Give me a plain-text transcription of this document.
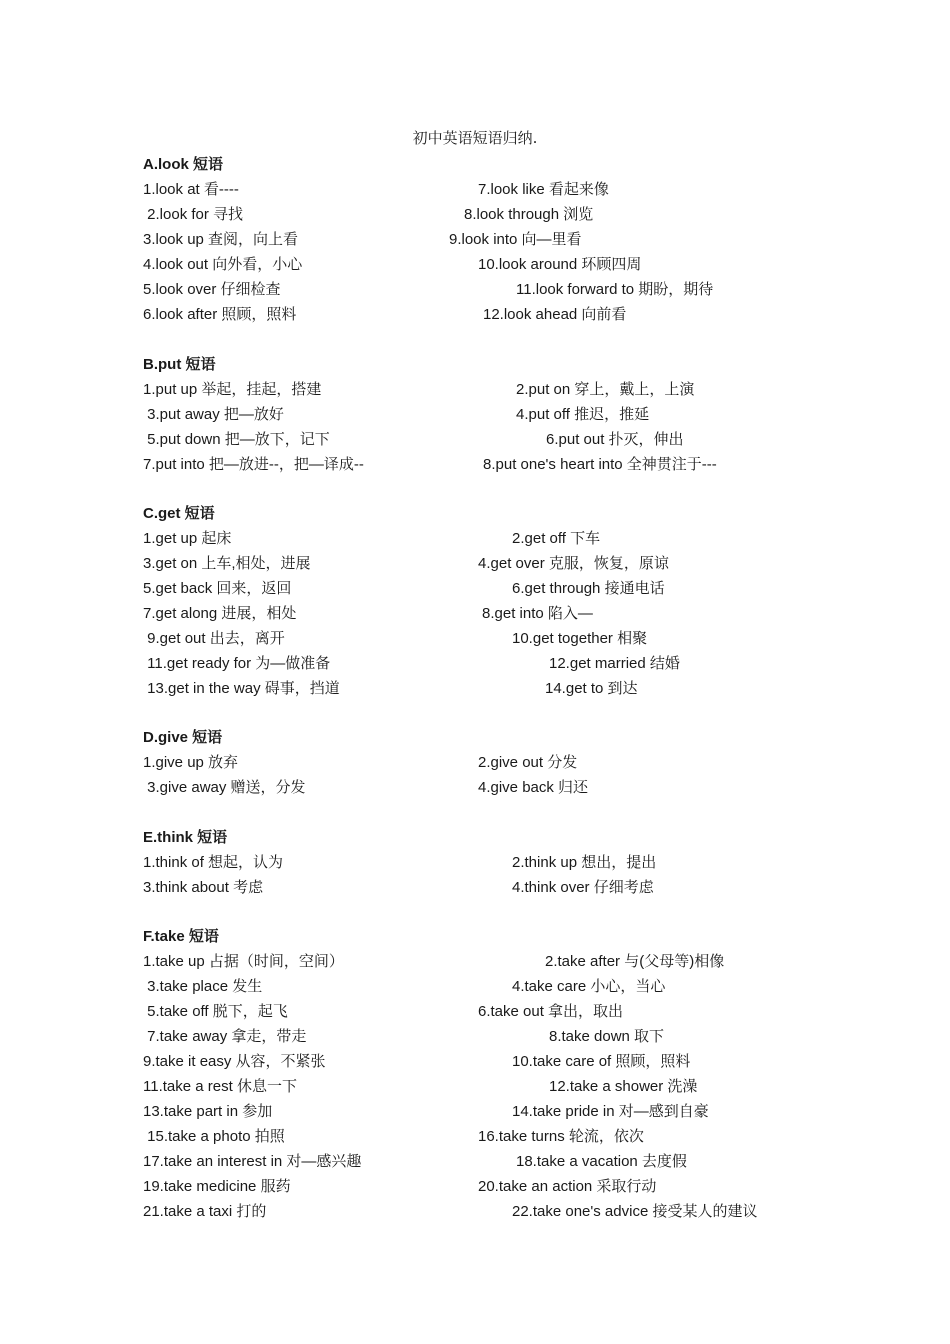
初中英语短语归纳.
A.look 短语
1.look at 看----	7.look like 看起来像
2.look for 寻找	8.look through 浏览
3.look up 查阅，向上看	9.look into 向—里看
4.look out 向外看，小心	10.look around 环顾四周
5.look over 仔细检查	11.look forward to 期盼，期待
6.look after 照顾，照料	12.look ahead 向前看
B.put 短语
1.put up 举起，挂起，搭建	2.put on 穿上，戴上，上演
3.put away 把—放好	4.put off 推迟，推延
5.put down 把—放下，记下	6.put out 扑灭，伸出
7.put into 把—放进--，把—译成--	8.put one's heart into 全神贯注于---
C.get 短语
1.get up 起床	2.get off 下车
3.get on 上车,相处，进展	4.get over 克服，恢复，原谅
5.get back 回来，返回	6.get through 接通电话
7.get along 进展，相处	8.get into 陷入—
9.get out 出去，离开	10.get together 相聚
11.get ready for 为—做准备	12.get married 结婚
13.get in the way 碍事，挡道	14.get to 到达
D.give 短语
1.give up 放弃	2.give out 分发
3.give away 赠送，分发	4.give back 归还
E.think 短语
1.think of 想起，认为	2.think up 想出，提出
3.think about 考虑	4.think over 仔细考虑
F.take 短语
1.take up 占据（时间，空间）	2.take after 与(父母等)相像
3.take place 发生	4.take care 小心，当心
5.take off 脱下，起飞	6.take out 拿出，取出
7.take away 拿走，带走	8.take down 取下
9.take it easy 从容，不紧张	10.take care of 照顾，照料
11.take a rest 休息一下	12.take a shower 洗澡
13.take part in 参加	14.take pride in 对—感到自豪
15.take a photo 拍照	16.take turns 轮流，依次
17.take an interest in 对—感兴趣	18.take a vacation 去度假
19.take medicine 服药	20.take an action 采取行动
21.take a taxi 打的	22.take one's advice 接受某人的建议
